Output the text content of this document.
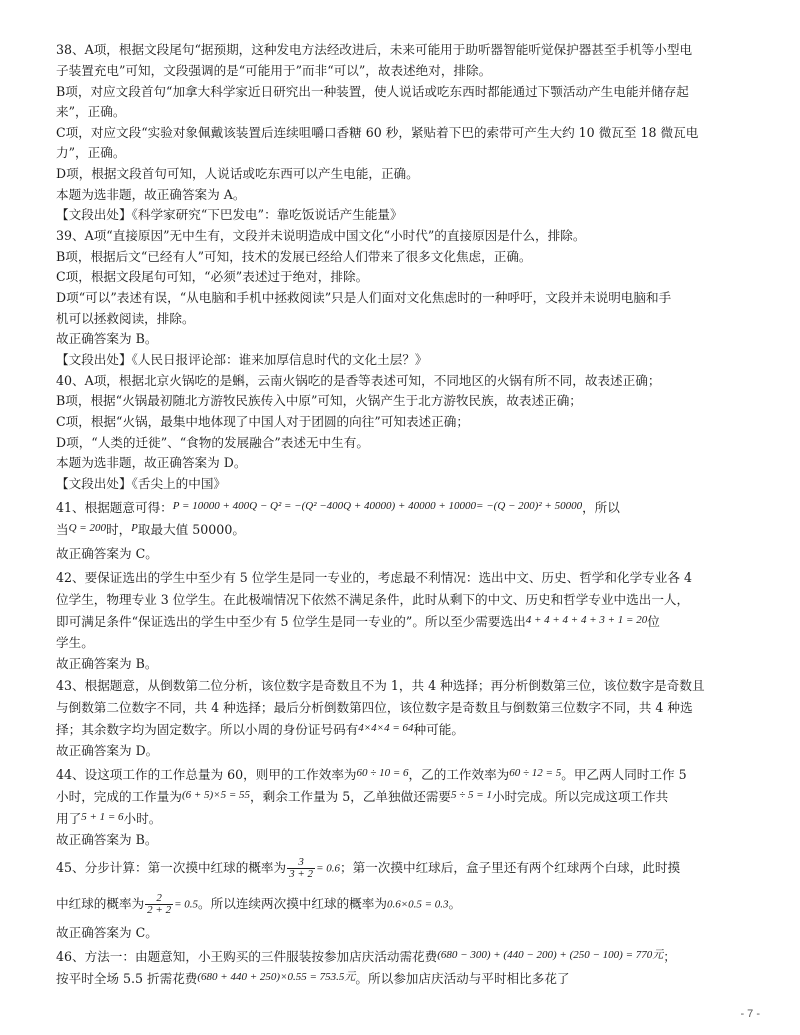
38、A项，根据文段尾句“据预期，这种发电方法经改进后，未来可能用于助听器智能听觉保护器甚至手机等小型电
子装置充电”可知，文段强调的是“可能用于”而非“可以”，故表述绝对，排除。
B项，对应文段首句“加拿大科学家近日研究出一种装置，使人说话或吃东西时都能通过下颚活动产生电能并储存起
来”，正确。
C项，对应文段“实验对象佩戴该装置后连续咀嚼口香糖 60 秒，紧贴着下巴的索带可产生大约 10 微瓦至 18 微瓦电
力”，正确。
D项，根据文段首句可知，人说话或吃东西可以产生电能，正确。
本题为选非题，故正确答案为 A。
【文段出处】《科学家研究“下巴发电”：靠吃饭说话产生能量》
39、A项“直接原因”无中生有，文段并未说明造成中国文化“小时代”的直接原因是什么，排除。
B项，根据后文“已经有人”可知，技术的发展已经给人们带来了很多文化焦虑，正确。
C项，根据文段尾句可知，“必须”表述过于绝对，排除。
D项“可以”表述有误，“从电脑和手机中拯救阅读”只是人们面对文化焦虑时的一种呼吁，文段并未说明电脑和手
机可以拯救阅读，排除。
故正确答案为 B。
【文段出处】《人民日报评论部：谁来加厚信息时代的文化土层？》
40、A项，根据北京火锅吃的是蝌，云南火锅吃的是香等表述可知，不同地区的火锅有所不同，故表述正确；
B项，根据“火锅最初随北方游牧民族传入中原”可知，火锅产生于北方游牧民族，故表述正确；
C项，根据“火锅，最集中地体现了中国人对于团圆的向往”可知表述正确；
D项，“人类的迁徙”、“食物的发展融合”表述无中生有。
本题为选非题，故正确答案为 D。
【文段出处】《舌尖上的中国》
41、根据题意可得：P = 10000 + 400Q − Q² = −(Q² −400Q + 40000) + 40000 + 10000= −(Q − 200)² + 50000，所以
当Q = 200时，P取最大值 50000。
故正确答案为 C。
42、要保证选出的学生中至少有 5 位学生是同一专业的，考虑最不利情况：选出中文、历史、哲学和化学专业各 4
位学生，物理专业 3 位学生。在此极端情况下依然不满足条件，此时从剩下的中文、历史和哲学专业中选出一人，
即可满足条件“保证选出的学生中至少有 5 位学生是同一专业的”。所以至少需要选出4 + 4 + 4 + 4 + 3 + 1 = 20位
学生。
故正确答案为 B。
43、根据题意，从倒数第二位分析，该位数字是奇数且不为 1，共 4 种选择；再分析倒数第三位，该位数字是奇数且
与倒数第二位数字不同，共 4 种选择；最后分析倒数第四位，该位数字是奇数且与倒数第三位数字不同，共 4 种选
择；其余数字均为固定数字。所以小周的身份证号码有4×4×4 = 64种可能。
故正确答案为 D。
44、设这项工作的工作总量为 60，则甲的工作效率为60 ÷ 10 = 6，乙的工作效率为60 ÷ 12 = 5。甲乙两人同时工作 5
小时，完成的工作量为(6 + 5)×5 = 55，剩余工作量为 5，乙单独做还需要5 ÷ 5 = 1小时完成。所以完成这项工作共
用了5 + 1 = 6小时。
故正确答案为 B。
45、分步计算：第一次摸中红球的概率为 $\frac{3}{3 + 2} = 0.6$；第一次摸中红球后，盒子里还有两个红球两个白球，此时摸
中红球的概率为 $\frac{2}{2 + 2} = 0.5$。所以连续两次摸中红球的概率为0.6×0.5 = 0.3。
故正确答案为 C。
46、方法一：由题意知，小王购买的三件服装按参加店庆活动需花费(680 − 300) + (440 − 200) + (250 − 100) = 770元；
按平时全场 5.5 折需花费(680 + 440 + 250)×0.55 = 753.5元。所以参加店庆活动与平时相比多花了
- 7 -
